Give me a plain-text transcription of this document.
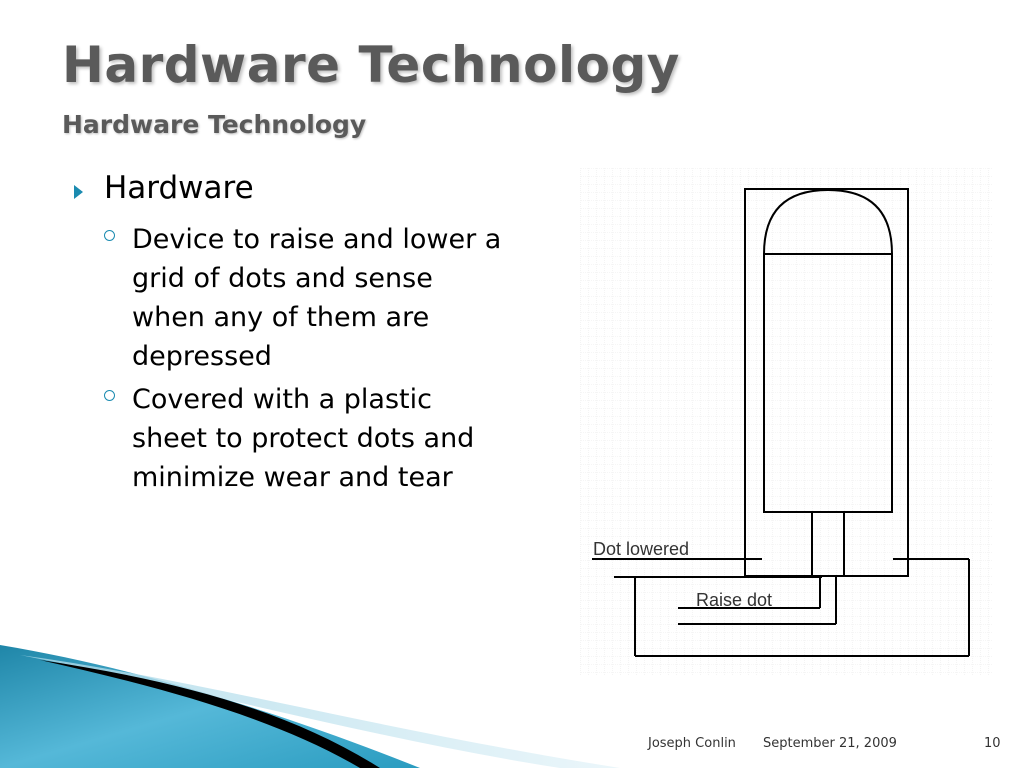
Hardware Technology
Hardware Technology
Hardware
Device to raise and lower a grid of dots and sense when any of them are depressed
Covered with a plastic sheet to protect dots and minimize wear and tear
Dot lowered
Raise dot
Joseph Conlin September 21, 2009	10
